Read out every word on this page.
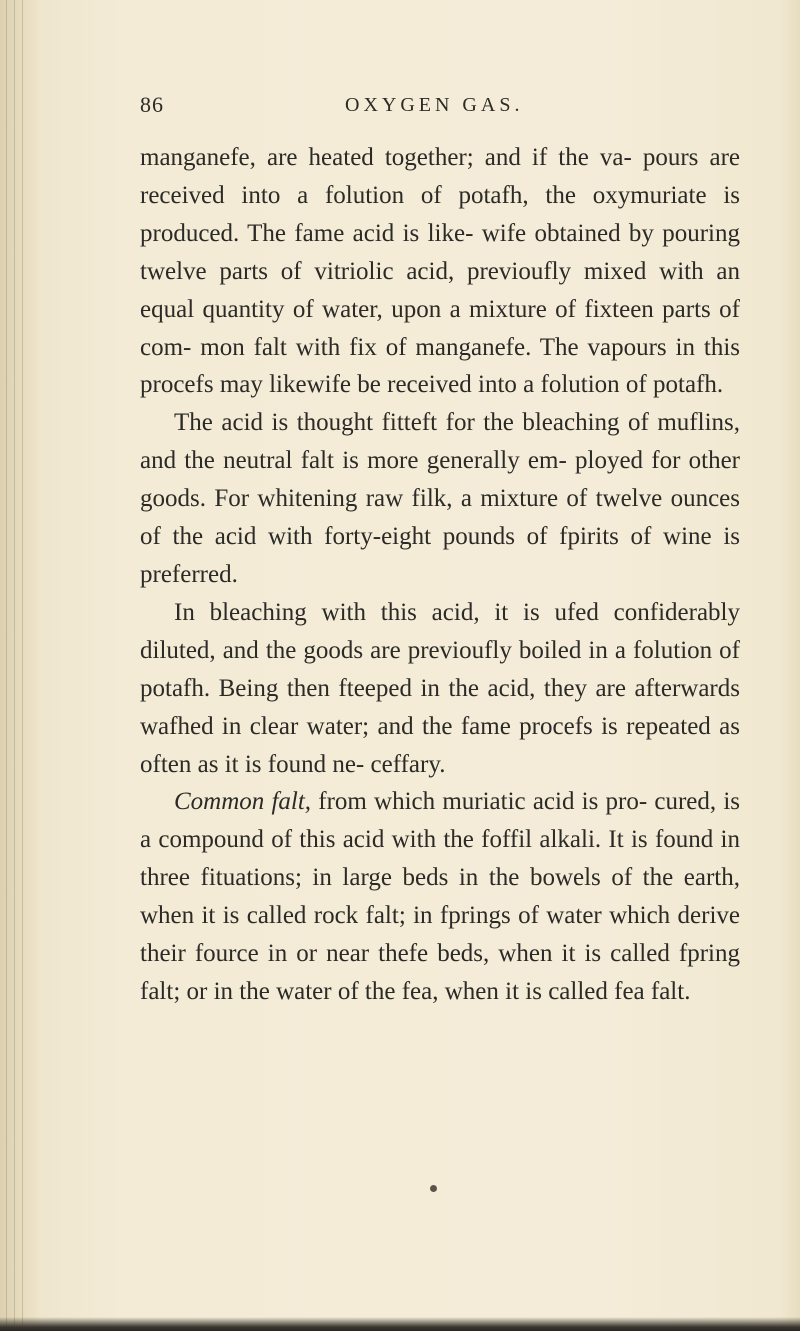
86	OXYGEN GAS.

manganefe, are heated together; and if the va- pours are received into a folution of potafh, the oxymuriate is produced. The fame acid is like- wife obtained by pouring twelve parts of vitriolic acid, previoufly mixed with an equal quantity of water, upon a mixture of fixteen parts of com- mon falt with fix of manganefe. The vapours in this procefs may likewife be received into a folution of potafh.

The acid is thought fitteft for the bleaching of muflins, and the neutral falt is more generally em- ployed for other goods. For whitening raw filk, a mixture of twelve ounces of the acid with forty-eight pounds of fpirits of wine is preferred.

In bleaching with this acid, it is ufed confiderably diluted, and the goods are previoufly boiled in a folution of potafh. Being then fteeped in the acid, they are afterwards wafhed in clear water; and the fame procefs is repeated as often as it is found ne- ceffary.

Common falt, from which muriatic acid is pro- cured, is a compound of this acid with the foffil alkali. It is found in three fituations; in large beds in the bowels of the earth, when it is called rock falt; in fprings of water which derive their fource in or near thefe beds, when it is called fpring falt; or in the water of the fea, when it is called fea falt.
